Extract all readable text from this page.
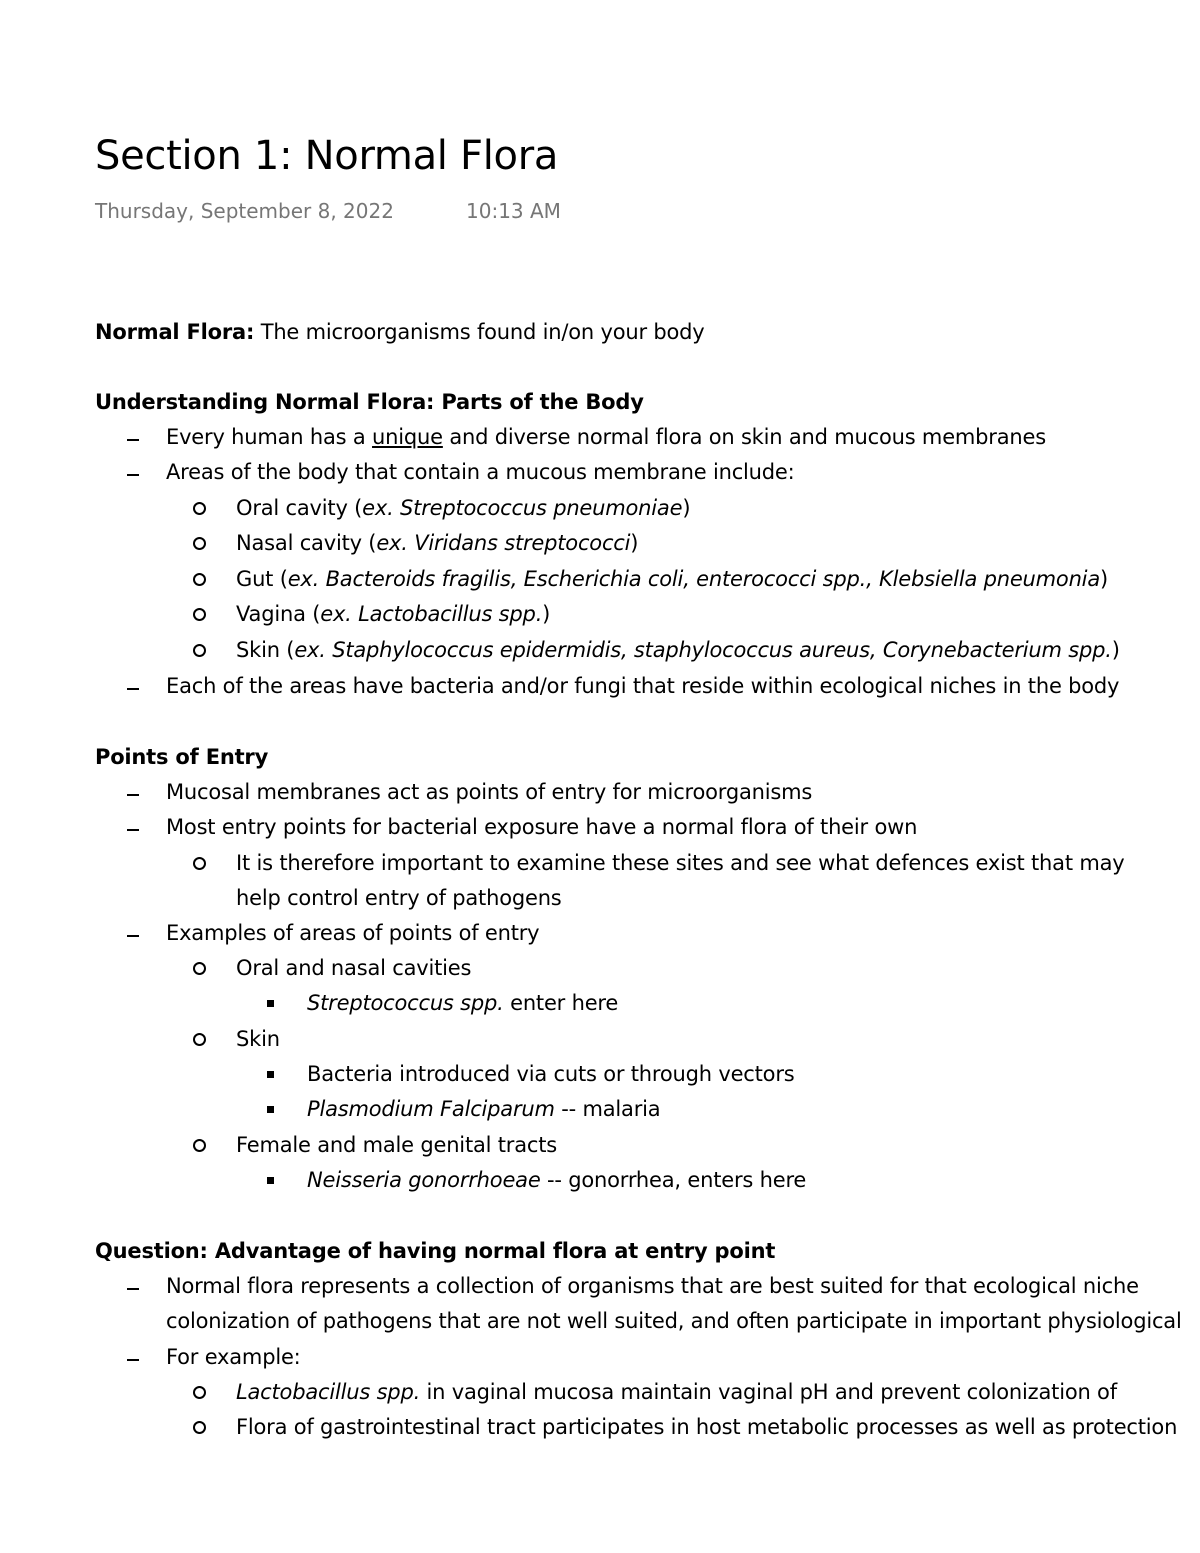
Section 1: Normal Flora
Thursday, September 8, 2022	10:13 AM
Normal Flora: The microorganisms found in/on your body
Understanding Normal Flora: Parts of the Body
Every human has a unique and diverse normal flora on skin and mucous membranes
Areas of the body that contain a mucous membrane include:
Oral cavity (ex. Streptococcus pneumoniae)
Nasal cavity (ex. Viridans streptococci)
Gut (ex. Bacteroids fragilis, Escherichia coli, enterococci spp., Klebsiella pneumonia)
Vagina (ex. Lactobacillus spp.)
Skin (ex. Staphylococcus epidermidis, staphylococcus aureus, Corynebacterium spp.)
Each of the areas have bacteria and/or fungi that reside within ecological niches in the body
Points of Entry
Mucosal membranes act as points of entry for microorganisms
Most entry points for bacterial exposure have a normal flora of their own
It is therefore important to examine these sites and see what defences exist that may
help control entry of pathogens
Examples of areas of points of entry
Oral and nasal cavities
Streptococcus spp. enter here
Skin
Bacteria introduced via cuts or through vectors
Plasmodium Falciparum -- malaria
Female and male genital tracts
Neisseria gonorrhoeae -- gonorrhea, enters here
Question: Advantage of having normal flora at entry point
Normal flora represents a collection of organisms that are best suited for that ecological niche
colonization of pathogens that are not well suited, and often participate in important physiological
For example:
Lactobacillus spp. in vaginal mucosa maintain vaginal pH and prevent colonization of
Flora of gastrointestinal tract participates in host metabolic processes as well as protection
